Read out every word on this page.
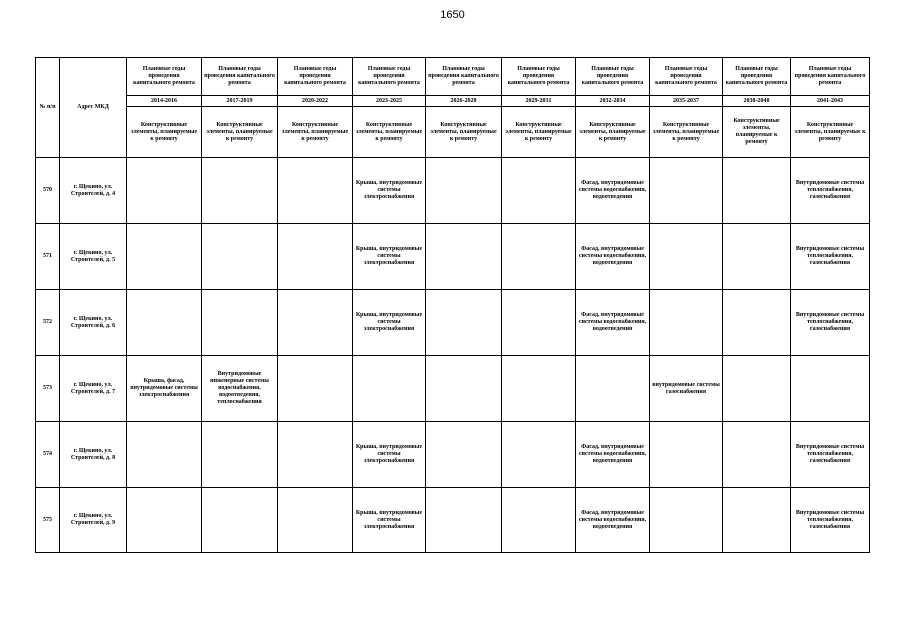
1650
№ п/п	Адрес МКД	Плановые годы проведения капитального ремонта	Плановые годы проведения капитального ремонта	Плановые годы проведения капитального ремонта	Плановые годы проведения капитального ремонта	Плановые годы проведения капитального ремонта	Плановые годы проведения капитального ремонта	Плановые годы проведения капитального ремонта	Плановые годы проведения капитального ремонта	Плановые годы проведения капитального ремонта	Плановые годы проведения капитального ремонта
		2014-2016	2017-2019	2020-2022	2023-2025	2026-2028	2029-2031	2032-2034	2035-2037	2038-2040	2041-2043
		Конструктивные элементы, планируемые к ремонту	Конструктивные элементы, планируемые к ремонту	Конструктивные элементы, планируемые к ремонту	Конструктивные элементы, планируемые к ремонту	Конструктивные элементы, планируемые к ремонту	Конструктивные элементы, планируемые к ремонту	Конструктивные элементы, планируемые к ремонту	Конструктивные элементы, планируемые к ремонту	Конструктивные элементы, планируемые к ремонту	Конструктивные элементы, планируемые к ремонту
570	г. Щекино, ул. Строителей, д. 4				Крыша, внутридомовые системы электроснабжения			Фасад, внутридомовые системы водоснабжения, водоотведения			Внутридомовые системы теплоснабжения, газоснабжения
571	г. Щекино, ул. Строителей, д. 5				Крыша, внутридомовые системы электроснабжения			Фасад, внутридомовые системы водоснабжения, водоотведения			Внутридомовые системы теплоснабжения, газоснабжения
572	г. Щекино, ул. Строителей, д. 6				Крыша, внутридомовые системы электроснабжения			Фасад, внутридомовые системы водоснабжения, водоотведения			Внутридомовые системы теплоснабжения, газоснабжения
573	г. Щекино, ул. Строителей, д. 7	Крыша, фасад, внутридомовые системы электроснабжения	Внутридомовые инженерные системы водоснабжения, водоотведения, теплоснабжения						внутридомовые системы газоснабжения		
574	г. Щекино, ул. Строителей, д. 8				Крыша, внутридомовые системы электроснабжения			Фасад, внутридомовые системы водоснабжения, водоотведения			Внутридомовые системы теплоснабжения, газоснабжения
575	г. Щекино, ул. Строителей, д. 9				Крыша, внутридомовые системы электроснабжения			Фасад, внутридомовые системы водоснабжения, водоотведения			Внутридомовые системы теплоснабжения, газоснабжения
